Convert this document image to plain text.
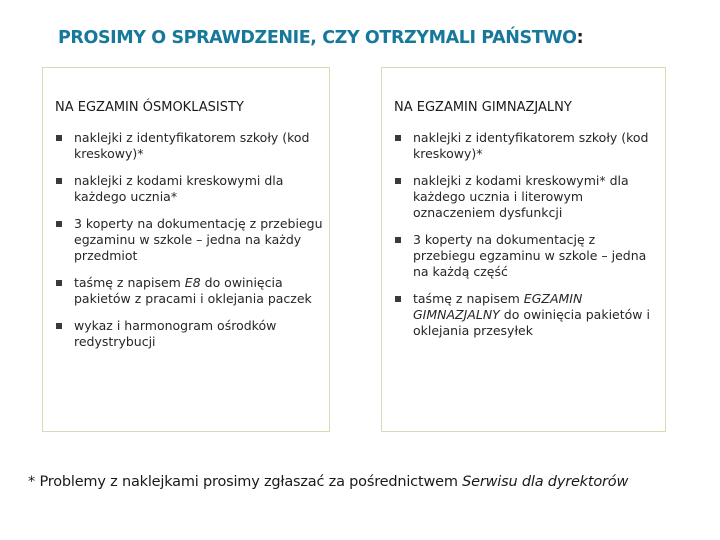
PROSIMY O SPRAWDZENIE, CZY OTRZYMALI PAŃSTWO:
NA EGZAMIN ÓSMOKLASISTY
naklejki z identyfikatorem szkoły (kod kreskowy)*
naklejki z kodami kreskowymi dla każdego ucznia*
3 koperty na dokumentację z przebiegu egzaminu w szkole – jedna na każdy przedmiot
taśmę z napisem E8 do owinięcia pakietów z pracami i oklejania paczek
wykaz i harmonogram ośrodków redystrybucji
NA EGZAMIN GIMNAZJALNY
naklejki z identyfikatorem szkoły (kod kreskowy)*
naklejki z kodami kreskowymi* dla każdego ucznia i literowym oznaczeniem dysfunkcji
3 koperty na dokumentację z przebiegu egzaminu w szkole – jedna na każdą część
taśmę z napisem EGZAMIN GIMNAZJALNY do owinięcia pakietów i oklejania przesyłek
* Problemy z naklejkami prosimy zgłaszać za pośrednictwem Serwisu dla dyrektorów
